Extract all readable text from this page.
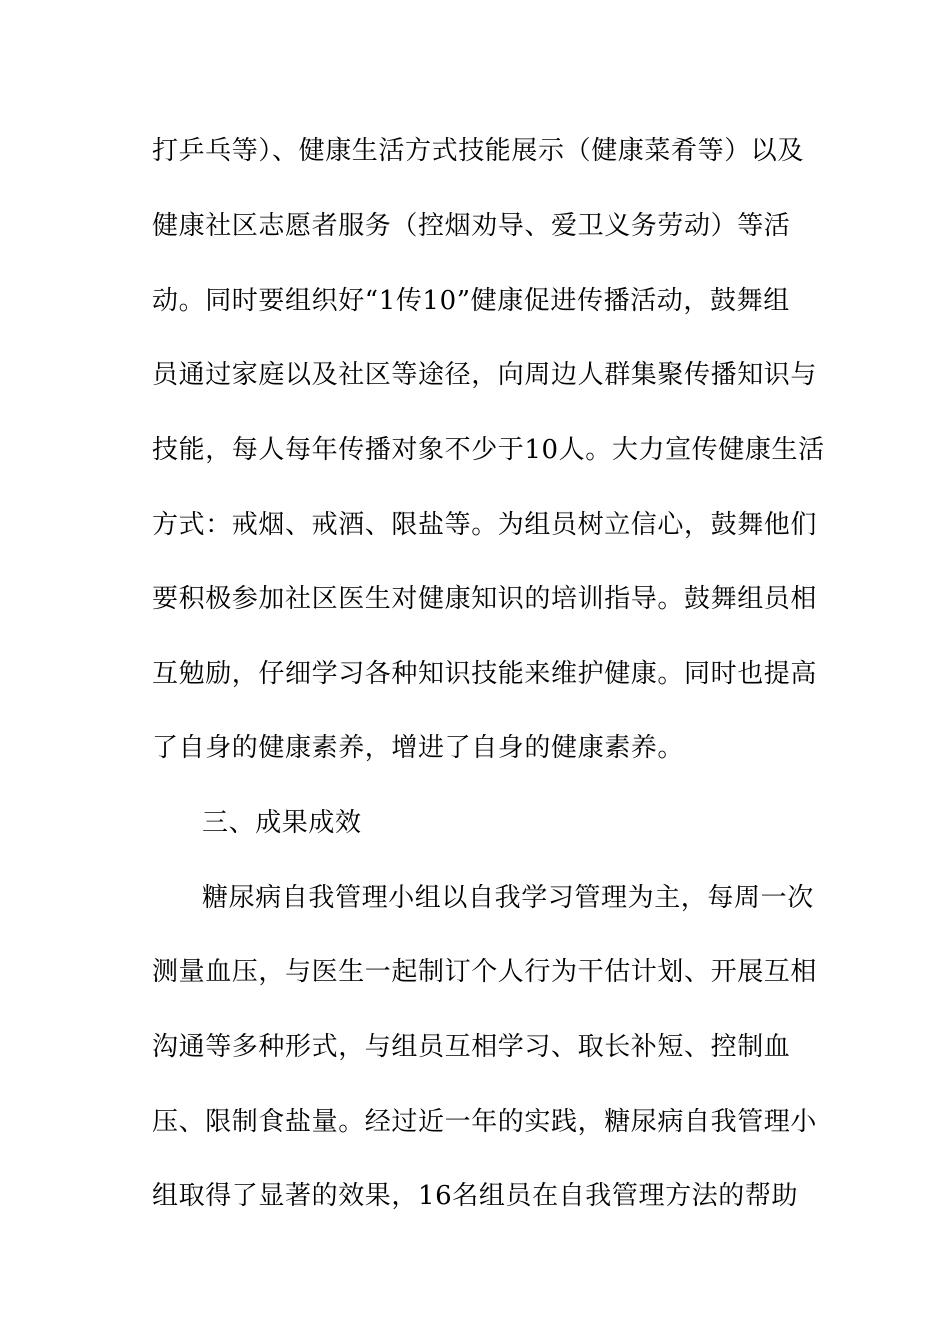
打乒乓等）、健康生活方式技能展示（健康菜肴等）以及
健康社区志愿者服务（控烟劝导、爱卫义务劳动）等活
动。同时要组织好“1传10”健康促进传播活动，鼓舞组
员通过家庭以及社区等途径，向周边人群集聚传播知识与
技能，每人每年传播对象不少于10人。大力宣传健康生活
方式：戒烟、戒酒、限盐等。为组员树立信心，鼓舞他们
要积极参加社区医生对健康知识的培训指导。鼓舞组员相
互勉励，仔细学习各种知识技能来维护健康。同时也提高
了自身的健康素养，增进了自身的健康素养。
三、成果成效
糖尿病自我管理小组以自我学习管理为主，每周一次
测量血压，与医生一起制订个人行为干估计划、开展互相
沟通等多种形式，与组员互相学习、取长补短、控制血
压、限制食盐量。经过近一年的实践，糖尿病自我管理小
组取得了显著的效果，16名组员在自我管理方法的帮助
